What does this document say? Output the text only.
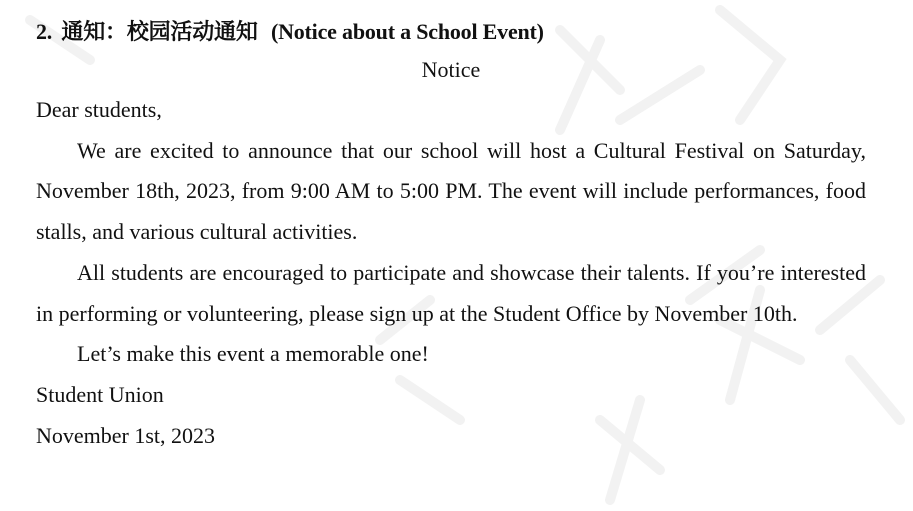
2. 通知：校园活动通知 (Notice about a School Event)
Notice
Dear students,

We are excited to announce that our school will host a Cultural Festival on Saturday, November 18th, 2023, from 9:00 AM to 5:00 PM. The event will include performances, food stalls, and various cultural activities.

All students are encouraged to participate and showcase their talents. If you’re interested in performing or volunteering, please sign up at the Student Office by November 10th.

Let’s make this event a memorable one!

Student Union
November 1st, 2023
